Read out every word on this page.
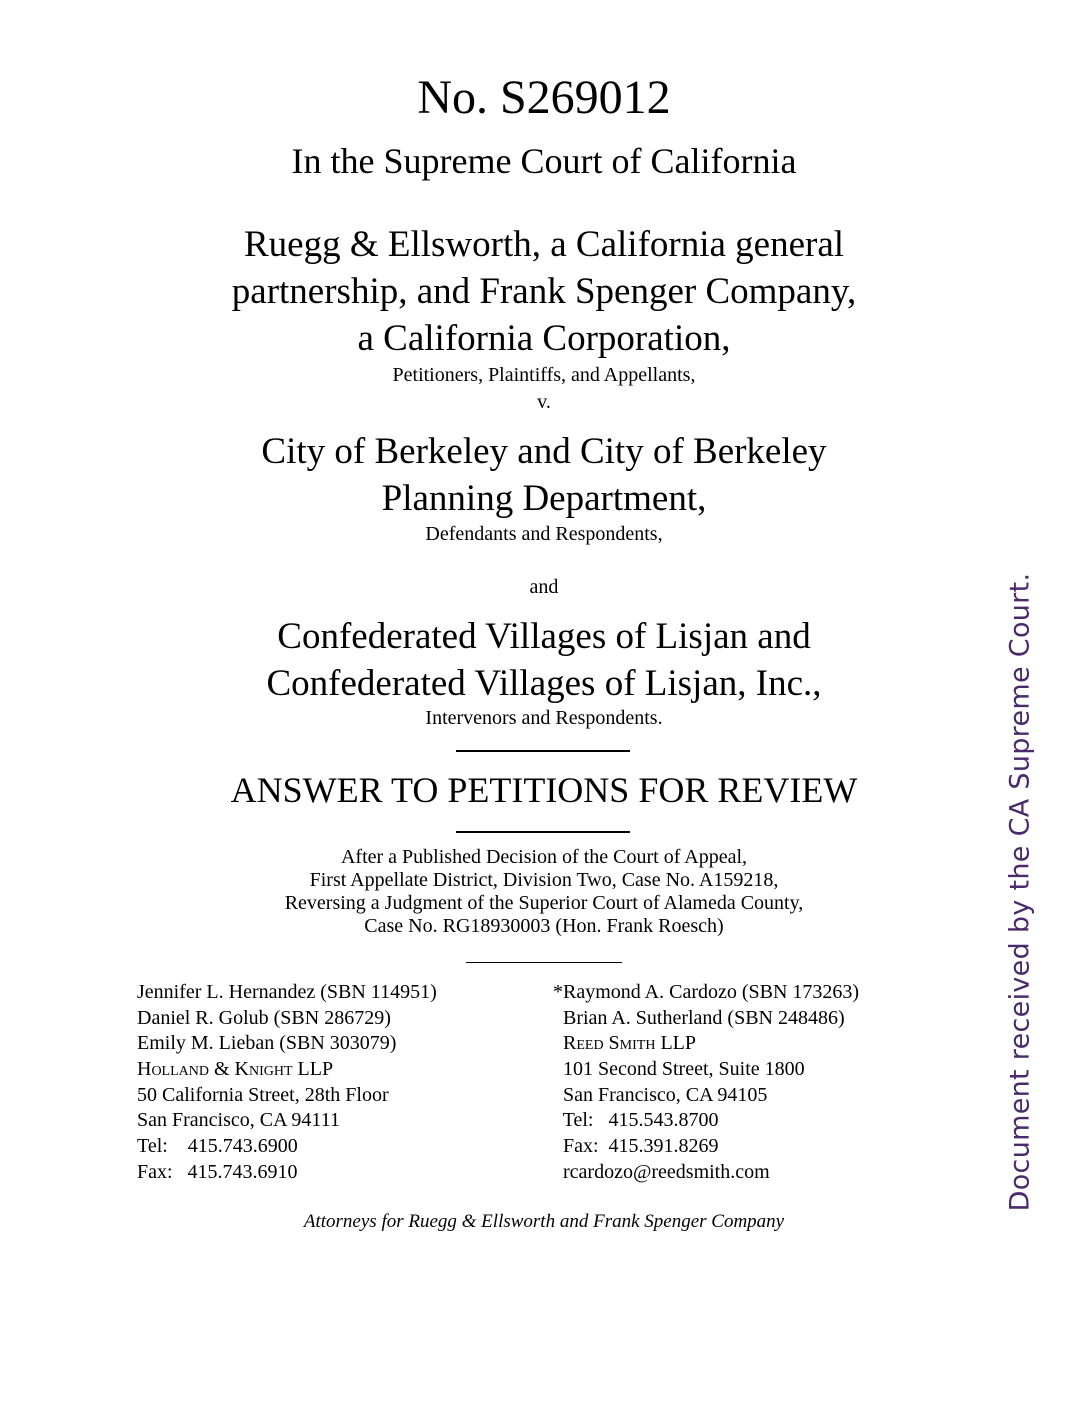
No. S269012
In the Supreme Court of California
Ruegg & Ellsworth, a California general
partnership, and Frank Spenger Company,
a California Corporation,
Petitioners, Plaintiffs, and Appellants,
v.
City of Berkeley and City of Berkeley
Planning Department,
Defendants and Respondents,
and
Confederated Villages of Lisjan and
Confederated Villages of Lisjan, Inc.,
Intervenors and Respondents.
ANSWER TO PETITIONS FOR REVIEW
After a Published Decision of the Court of Appeal,
First Appellate District, Division Two, Case No. A159218,
Reversing a Judgment of the Superior Court of Alameda County,
Case No. RG18930003 (Hon. Frank Roesch)
Jennifer L. Hernandez (SBN 114951)
Daniel R. Golub (SBN 286729)
Emily M. Lieban (SBN 303079)
Holland & Knight LLP
50 California Street, 28th Floor
San Francisco, CA 94111
Tel:    415.743.6900
Fax:   415.743.6910
*Raymond A. Cardozo (SBN 173263)
Brian A. Sutherland (SBN 248486)
Reed Smith LLP
101 Second Street, Suite 1800
San Francisco, CA 94105
Tel:   415.543.8700
Fax:  415.391.8269
rcardozo@reedsmith.com
Attorneys for Ruegg & Ellsworth and Frank Spenger Company
Document received by the CA Supreme Court.
